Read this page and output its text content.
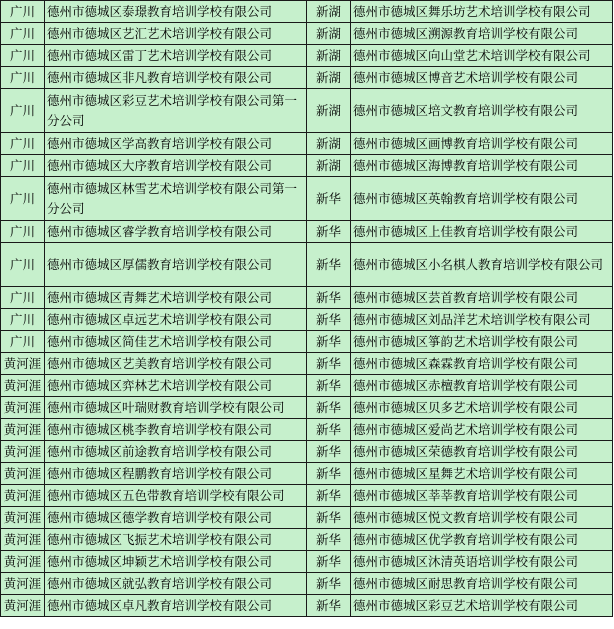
广川	德州市德城区泰璟教育培训学校有限公司	新湖	德州市德城区舞乐坊艺术培训学校有限公司
广川	德州市德城区艺汇艺术培训学校有限公司	新湖	德州市德城区溯源教育培训学校有限公司
广川	德州市德城区雷丁艺术培训学校有限公司	新湖	德州市德城区向山堂艺术培训学校有限公司
广川	德州市德城区非凡教育培训学校有限公司	新湖	德州市德城区博音艺术培训学校有限公司
广川	德州市德城区彩豆艺术培训学校有限公司第一分公司	新湖	德州市德城区培文教育培训学校有限公司
广川	德州市德城区学高教育培训学校有限公司	新湖	德州市德城区画博教育培训学校有限公司
广川	德州市德城区大序教育培训学校有限公司	新湖	德州市德城区海博教育培训学校有限公司
广川	德州市德城区林雪艺术培训学校有限公司第一分公司	新华	德州市德城区英翰教育培训学校有限公司
广川	德州市德城区睿学教育培训学校有限公司	新华	德州市德城区上佳教育培训学校有限公司
广川	德州市德城区厚儒教育培训学校有限公司	新华	德州市德城区小名棋人教育培训学校有限公司
广川	德州市德城区青舞艺术培训学校有限公司	新华	德州市德城区芸首教育培训学校有限公司
广川	德州市德城区卓远艺术培训学校有限公司	新华	德州市德城区刘品洋艺术培训学校有限公司
广川	德州市德城区简佳艺术培训学校有限公司	新华	德州市德城区箏韵艺术培训学校有限公司
黄河涯	德州市德城区艺美教育培训学校有限公司	新华	德州市德城区森霖教育培训学校有限公司
黄河涯	德州市德城区弈林艺术培训学校有限公司	新华	德州市德城区赤檀教育培训学校有限公司
黄河涯	德州市德城区叶瑞财教育培训学校有限公司	新华	德州市德城区贝多艺术培训学校有限公司
黄河涯	德州市德城区桃李教育培训学校有限公司	新华	德州市德城区爱尚艺术培训学校有限公司
黄河涯	德州市德城区前途教育培训学校有限公司	新华	德州市德城区荣德教育培训学校有限公司
黄河涯	德州市德城区程鹏教育培训学校有限公司	新华	德州市德城区星舞艺术培训学校有限公司
黄河涯	德州市德城区五色带教育培训学校有限公司	新华	德州市德城区莘莘教育培训学校有限公司
黄河涯	德州市德城区德学教育培训学校有限公司	新华	德州市德城区悦文教育培训学校有限公司
黄河涯	德州市德城区飞振艺术培训学校有限公司	新华	德州市德城区优学教育培训学校有限公司
黄河涯	德州市德城区坤颖艺术培训学校有限公司	新华	德州市德城区沐清英语培训学校有限公司
黄河涯	德州市德城区就弘教育培训学校有限公司	新华	德州市德城区耐思教育培训学校有限公司
黄河涯	德州市德城区卓凡教育培训学校有限公司	新华	德州市德城区彩豆艺术培训学校有限公司
